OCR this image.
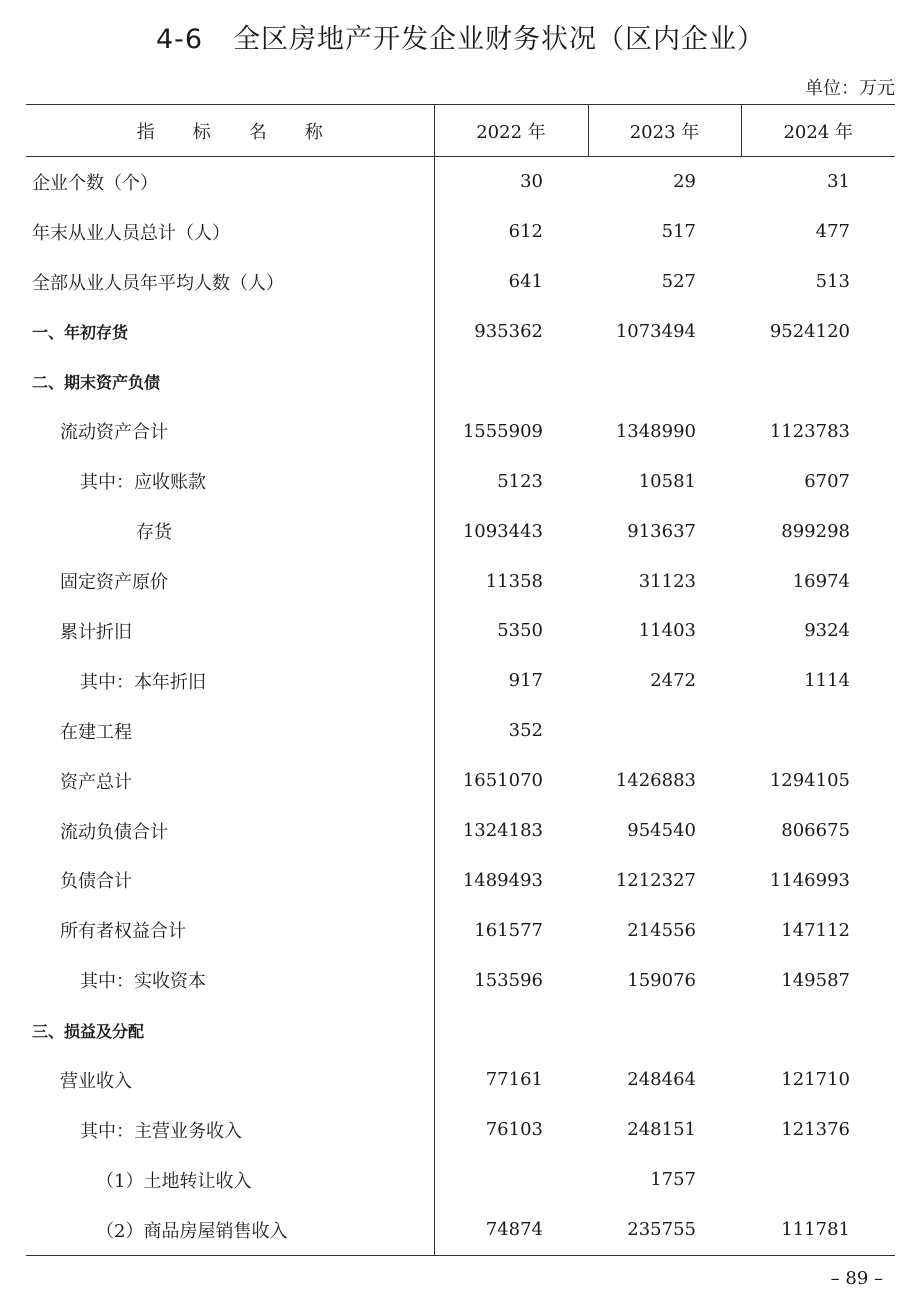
4-6 全区房地产开发企业财务状况（区内企业）
单位：万元
指标名称	2022 年	2023 年	2024 年
企业个数（个）	30	29	31
年末从业人员总计（人）	612	517	477
全部从业人员年平均人数（人）	641	527	513
一、年初存货	935362	1073494	9524120
二、期末资产负债			
流动资产合计	1555909	1348990	1123783
其中：应收账款	5123	10581	6707
存货	1093443	913637	899298
固定资产原价	11358	31123	16974
累计折旧	5350	11403	9324
其中：本年折旧	917	2472	1114
在建工程	352		
资产总计	1651070	1426883	1294105
流动负债合计	1324183	954540	806675
负债合计	1489493	1212327	1146993
所有者权益合计	161577	214556	147112
其中：实收资本	153596	159076	149587
三、损益及分配			
营业收入	77161	248464	121710
其中：主营业务收入	76103	248151	121376
（1）土地转让收入		1757	
（2）商品房屋销售收入	74874	235755	111781
– 89 –
